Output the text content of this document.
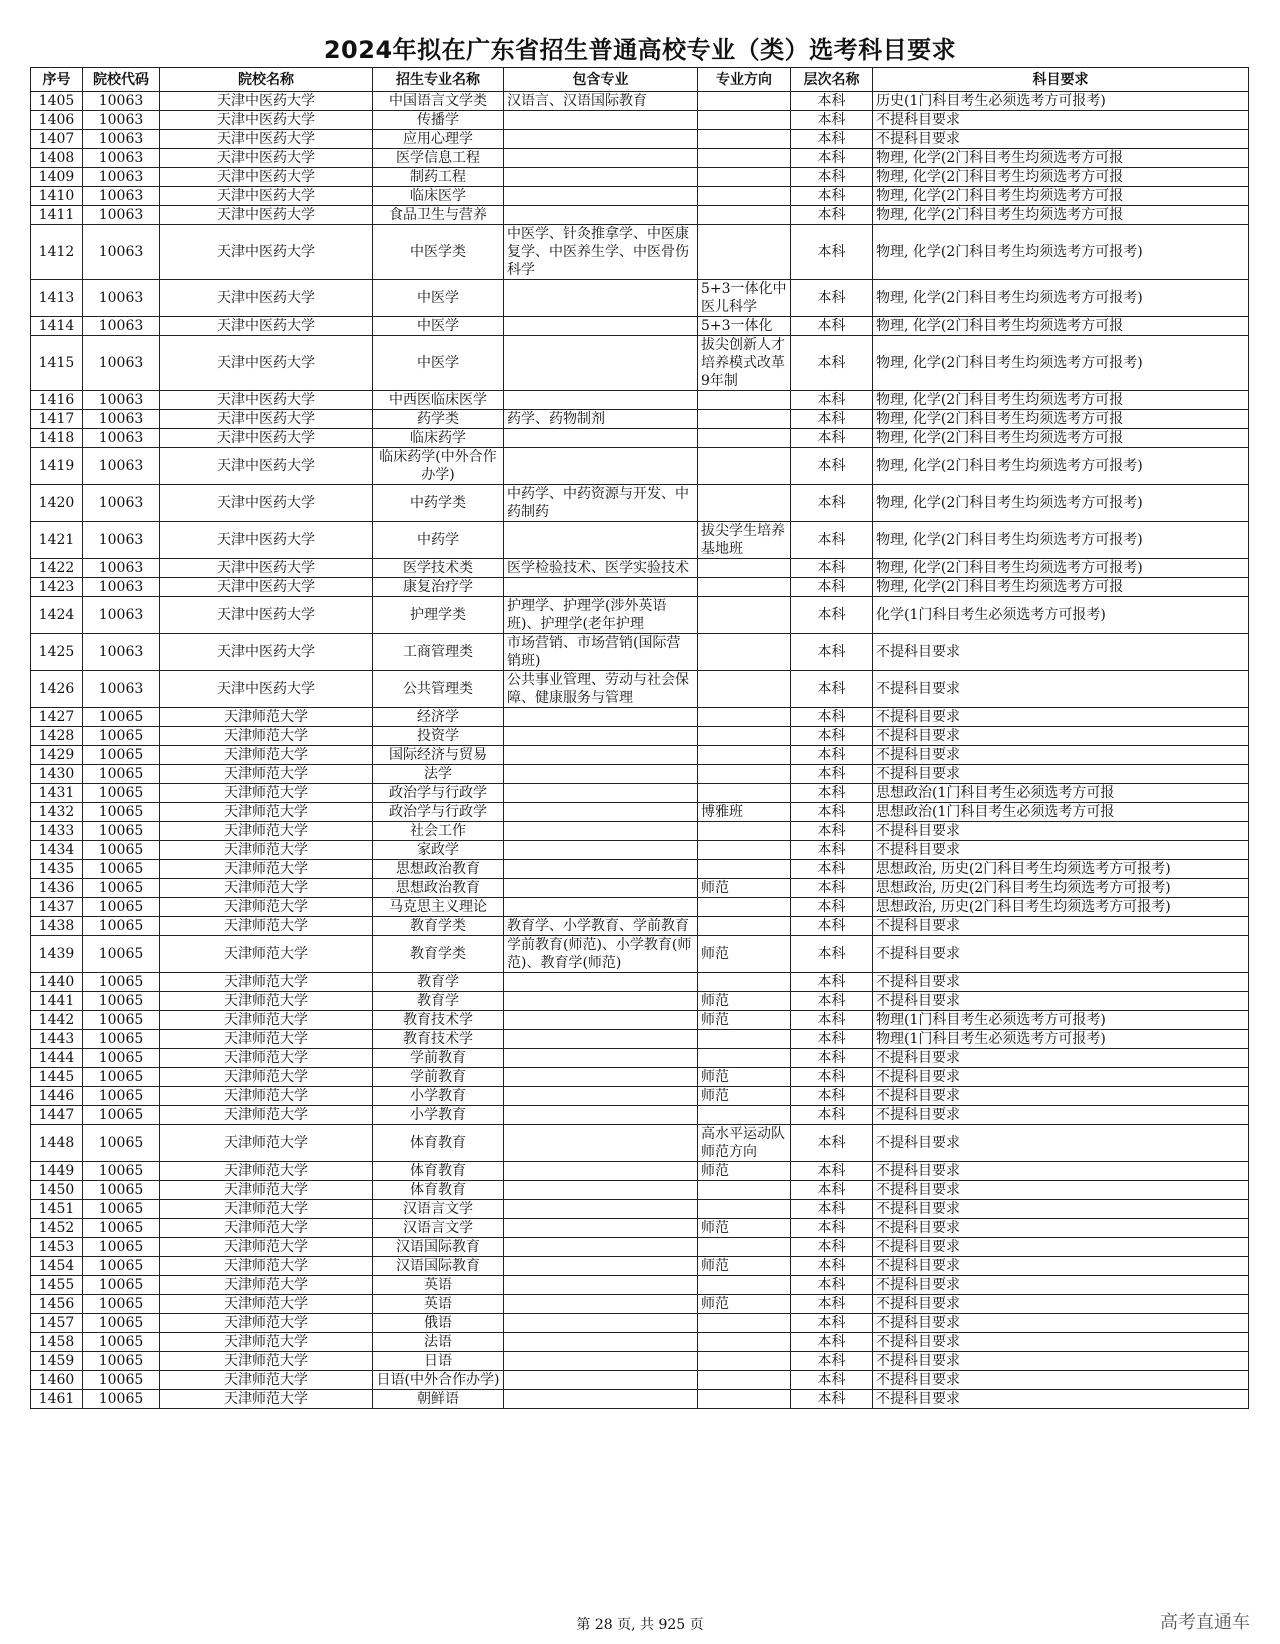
2024年拟在广东省招生普通高校专业（类）选考科目要求
序号	院校代码	院校名称	招生专业名称	包含专业	专业方向	层次名称	科目要求
1405	10063	天津中医药大学	中国语言文学类	汉语言、汉语国际教育		本科	历史(1门科目考生必须选考方可报考)
1406	10063	天津中医药大学	传播学			本科	不提科目要求
1407	10063	天津中医药大学	应用心理学			本科	不提科目要求
1408	10063	天津中医药大学	医学信息工程			本科	物理, 化学(2门科目考生均须选考方可报
1409	10063	天津中医药大学	制药工程			本科	物理, 化学(2门科目考生均须选考方可报
1410	10063	天津中医药大学	临床医学			本科	物理, 化学(2门科目考生均须选考方可报
1411	10063	天津中医药大学	食品卫生与营养			本科	物理, 化学(2门科目考生均须选考方可报
1412	10063	天津中医药大学	中医学类	中医学、针灸推拿学、中医康复学、中医养生学、中医骨伤科学		本科	物理, 化学(2门科目考生均须选考方可报考)
1413	10063	天津中医药大学	中医学		5+3一体化中医儿科学	本科	物理, 化学(2门科目考生均须选考方可报考)
1414	10063	天津中医药大学	中医学		5+3一体化	本科	物理, 化学(2门科目考生均须选考方可报
1415	10063	天津中医药大学	中医学		拔尖创新人才培养模式改革9年制	本科	物理, 化学(2门科目考生均须选考方可报考)
1416	10063	天津中医药大学	中西医临床医学			本科	物理, 化学(2门科目考生均须选考方可报
1417	10063	天津中医药大学	药学类	药学、药物制剂		本科	物理, 化学(2门科目考生均须选考方可报
1418	10063	天津中医药大学	临床药学			本科	物理, 化学(2门科目考生均须选考方可报
1419	10063	天津中医药大学	临床药学(中外合作办学)			本科	物理, 化学(2门科目考生均须选考方可报考)
1420	10063	天津中医药大学	中药学类	中药学、中药资源与开发、中药制药		本科	物理, 化学(2门科目考生均须选考方可报考)
1421	10063	天津中医药大学	中药学		拔尖学生培养基地班	本科	物理, 化学(2门科目考生均须选考方可报考)
1422	10063	天津中医药大学	医学技术类	医学检验技术、医学实验技术		本科	物理, 化学(2门科目考生均须选考方可报考)
1423	10063	天津中医药大学	康复治疗学			本科	物理, 化学(2门科目考生均须选考方可报
1424	10063	天津中医药大学	护理学类	护理学、护理学(涉外英语班)、护理学(老年护理		本科	化学(1门科目考生必须选考方可报考)
1425	10063	天津中医药大学	工商管理类	市场营销、市场营销(国际营销班)		本科	不提科目要求
1426	10063	天津中医药大学	公共管理类	公共事业管理、劳动与社会保障、健康服务与管理		本科	不提科目要求
1427	10065	天津师范大学	经济学			本科	不提科目要求
1428	10065	天津师范大学	投资学			本科	不提科目要求
1429	10065	天津师范大学	国际经济与贸易			本科	不提科目要求
1430	10065	天津师范大学	法学			本科	不提科目要求
1431	10065	天津师范大学	政治学与行政学			本科	思想政治(1门科目考生必须选考方可报
1432	10065	天津师范大学	政治学与行政学		博雅班	本科	思想政治(1门科目考生必须选考方可报
1433	10065	天津师范大学	社会工作			本科	不提科目要求
1434	10065	天津师范大学	家政学			本科	不提科目要求
1435	10065	天津师范大学	思想政治教育			本科	思想政治, 历史(2门科目考生均须选考方可报考)
1436	10065	天津师范大学	思想政治教育		师范	本科	思想政治, 历史(2门科目考生均须选考方可报考)
1437	10065	天津师范大学	马克思主义理论			本科	思想政治, 历史(2门科目考生均须选考方可报考)
1438	10065	天津师范大学	教育学类	教育学、小学教育、学前教育		本科	不提科目要求
1439	10065	天津师范大学	教育学类	学前教育(师范)、小学教育(师范)、教育学(师范)	师范	本科	不提科目要求
1440	10065	天津师范大学	教育学			本科	不提科目要求
1441	10065	天津师范大学	教育学		师范	本科	不提科目要求
1442	10065	天津师范大学	教育技术学		师范	本科	物理(1门科目考生必须选考方可报考)
1443	10065	天津师范大学	教育技术学			本科	物理(1门科目考生必须选考方可报考)
1444	10065	天津师范大学	学前教育			本科	不提科目要求
1445	10065	天津师范大学	学前教育		师范	本科	不提科目要求
1446	10065	天津师范大学	小学教育		师范	本科	不提科目要求
1447	10065	天津师范大学	小学教育			本科	不提科目要求
1448	10065	天津师范大学	体育教育		高水平运动队师范方向	本科	不提科目要求
1449	10065	天津师范大学	体育教育		师范	本科	不提科目要求
1450	10065	天津师范大学	体育教育			本科	不提科目要求
1451	10065	天津师范大学	汉语言文学			本科	不提科目要求
1452	10065	天津师范大学	汉语言文学		师范	本科	不提科目要求
1453	10065	天津师范大学	汉语国际教育			本科	不提科目要求
1454	10065	天津师范大学	汉语国际教育		师范	本科	不提科目要求
1455	10065	天津师范大学	英语			本科	不提科目要求
1456	10065	天津师范大学	英语		师范	本科	不提科目要求
1457	10065	天津师范大学	俄语			本科	不提科目要求
1458	10065	天津师范大学	法语			本科	不提科目要求
1459	10065	天津师范大学	日语			本科	不提科目要求
1460	10065	天津师范大学	日语(中外合作办学)			本科	不提科目要求
1461	10065	天津师范大学	朝鲜语			本科	不提科目要求
第 28 页, 共 925 页	高考直通车
